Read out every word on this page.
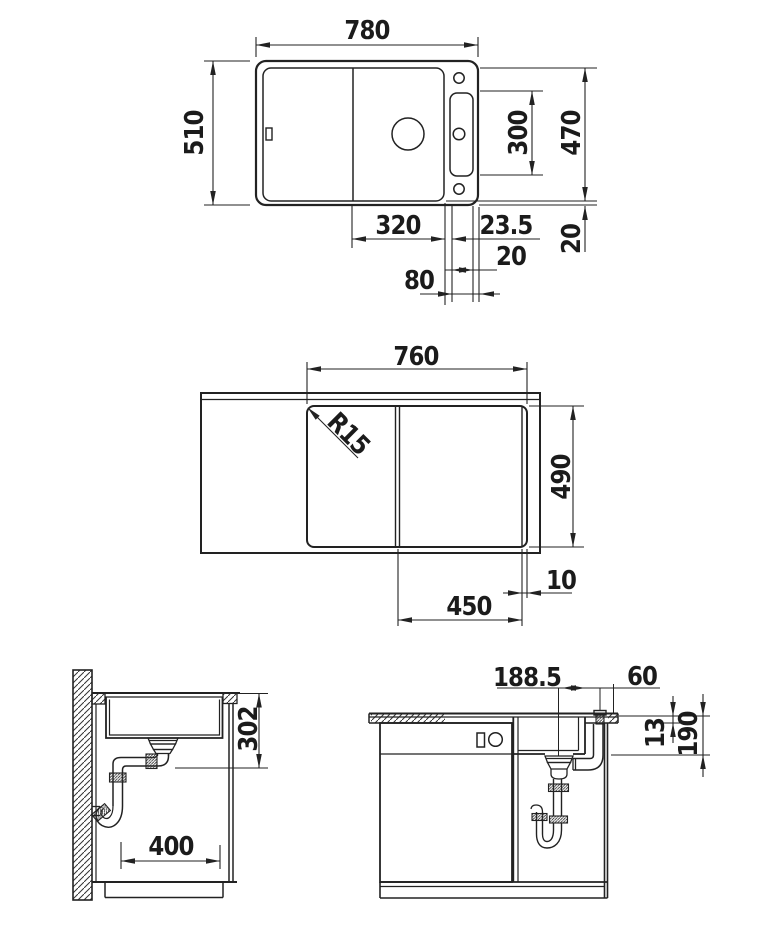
780
510	300 470
320 23.5 20
20
80
760
R15
490
10
450
302
400
188.5	60
13 190
